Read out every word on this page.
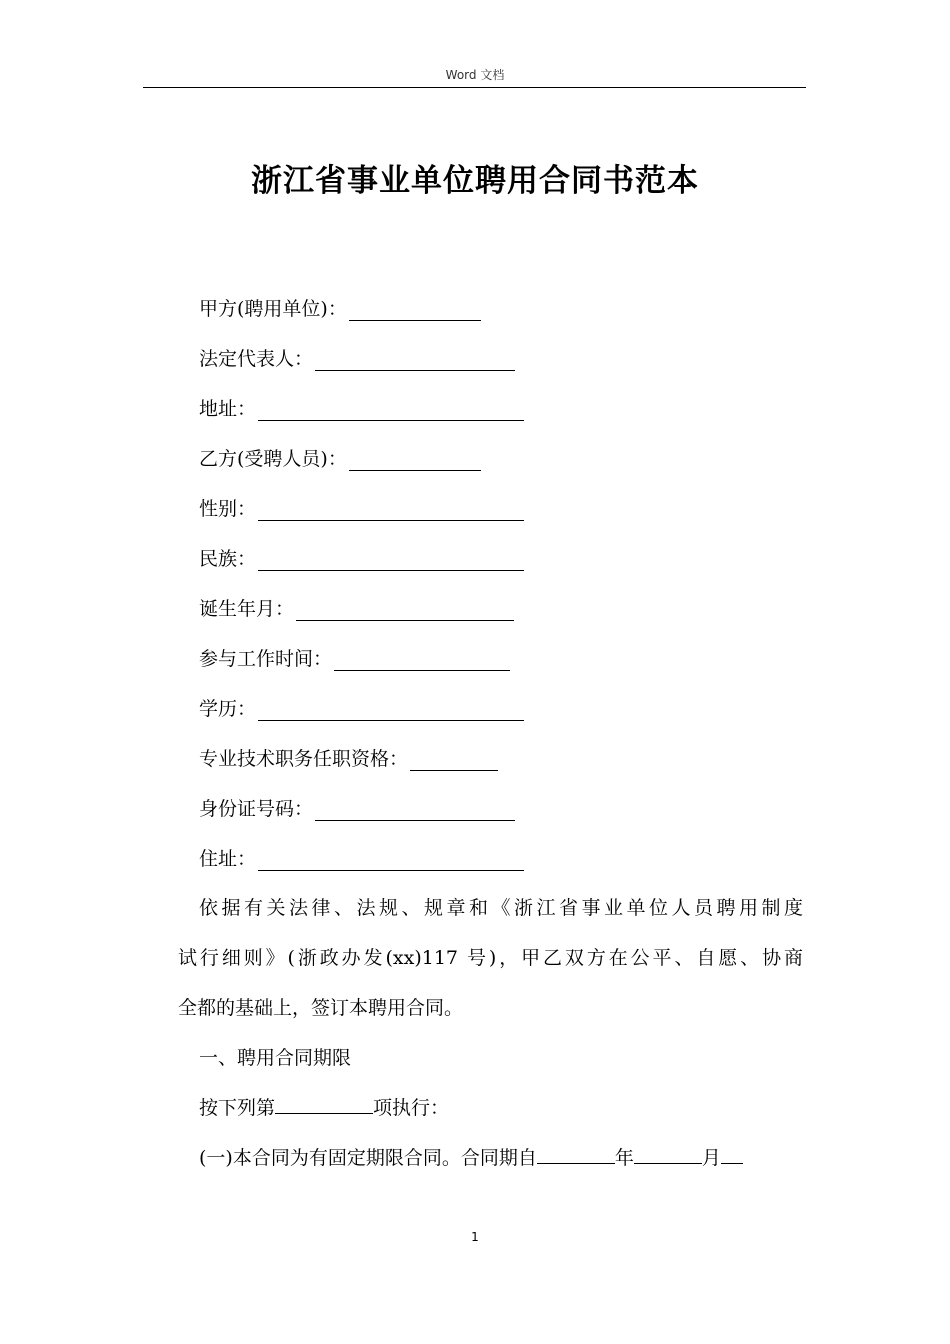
Word 文档
浙江省事业单位聘用合同书范本
甲方(聘用单位)：
法定代表人：
地址：
乙方(受聘人员)：
性别：
民族：
诞生年月：
参与工作时间：
学历：
专业技术职务任职资格：
身份证号码：
住址：
依据有关法律、法规、规章和《浙江省事业单位人员聘用制度
试行细则》(浙政办发(xx)117 号)，甲乙双方在公平、自愿、协商
全都的基础上，签订本聘用合同。
一、聘用合同期限
按下列第	项执行：
(一)本合同为有固定期限合同。合同期自	年	月
1
